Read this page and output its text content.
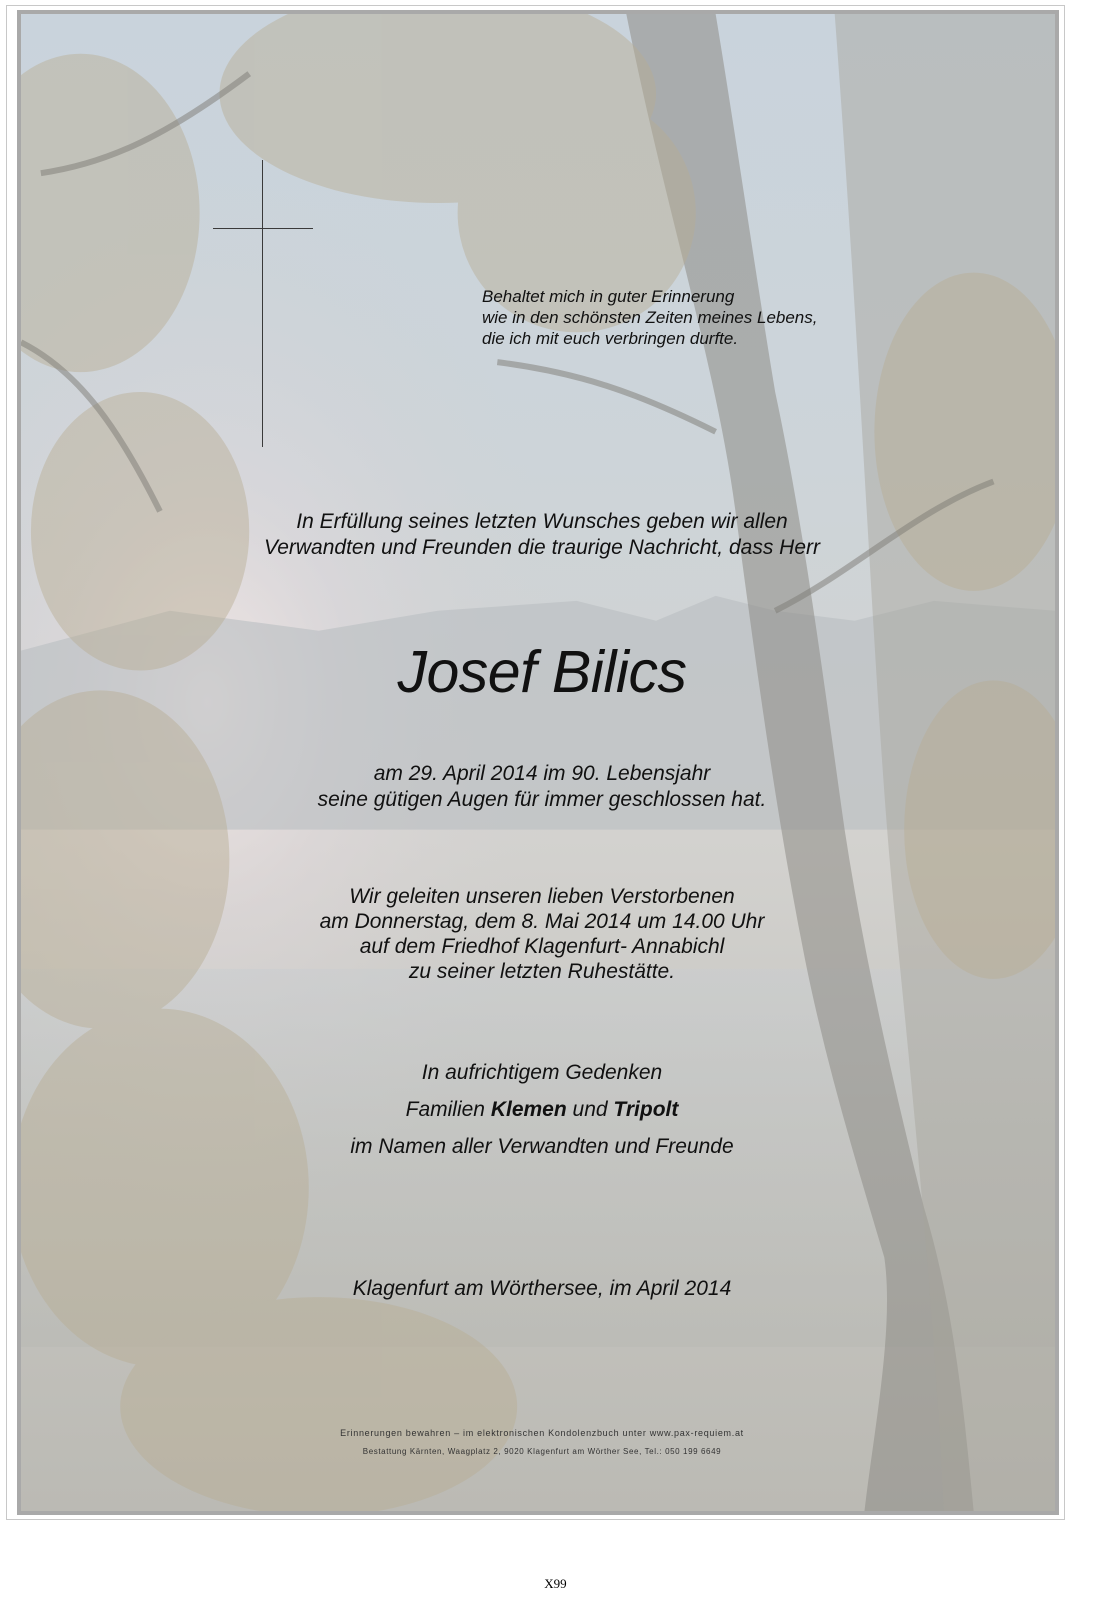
Behaltet mich in guter Erinnerung
wie in den schönsten Zeiten meines Lebens,
die ich mit euch verbringen durfte.
In Erfüllung seines letzten Wunsches geben wir allen
Verwandten und Freunden die traurige Nachricht, dass Herr
Josef Bilics
am 29. April 2014 im 90. Lebensjahr
seine gütigen Augen für immer geschlossen hat.
Wir geleiten unseren lieben Verstorbenen
am Donnerstag, dem 8. Mai 2014 um 14.00 Uhr
auf dem Friedhof Klagenfurt- Annabichl
zu seiner letzten Ruhestätte.
In aufrichtigem Gedenken
Familien Klemen und Tripolt
im Namen aller Verwandten und Freunde
Klagenfurt am Wörthersee, im April 2014
Erinnerungen bewahren – im elektronischen Kondolenzbuch unter www.pax-requiem.at
Bestattung Kärnten, Waagplatz 2, 9020 Klagenfurt am Wörther See, Tel.: 050 199 6649
X99
